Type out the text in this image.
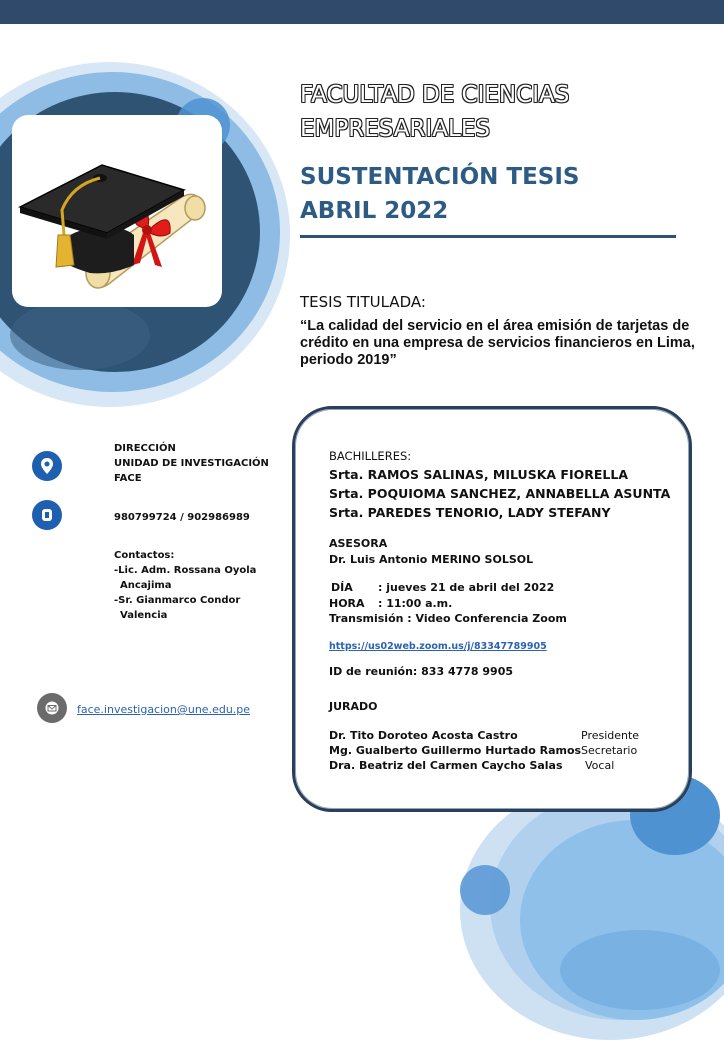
FACULTAD DE CIENCIAS
EMPRESARIALES
SUSTENTACIÓN TESIS
ABRIL 2022
TESIS TITULADA:
“La calidad del servicio en el área emisión de tarjetas de crédito en una empresa de servicios financieros en Lima, periodo 2019”
DIRECCIÓN
UNIDAD DE INVESTIGACIÓN
FACE
980799724 / 902986989
Contactos:
-Lic. Adm. Rossana Oyola
Ancajima
-Sr. Gianmarco Condor
Valencia
face.investigacion@une.edu.pe
BACHILLERES:
Srta. RAMOS SALINAS, MILUSKA FIORELLA
Srta. POQUIOMA SANCHEZ, ANNABELLA ASUNTA
Srta. PAREDES TENORIO, LADY STEFANY
ASESORA
Dr. Luis Antonio MERINO SOLSOL
DÍA : jueves 21 de abril del 2022
HORA : 11:00 a.m.
Transmisión : Video Conferencia Zoom
https://us02web.zoom.us/j/83347789905
ID de reunión: 833 4778 9905
JURADO
Dr. Tito Doroteo Acosta Castro	Presidente
Mg. Gualberto Guillermo Hurtado Ramos Secretario
Dra. Beatriz del Carmen Caycho Salas Vocal
